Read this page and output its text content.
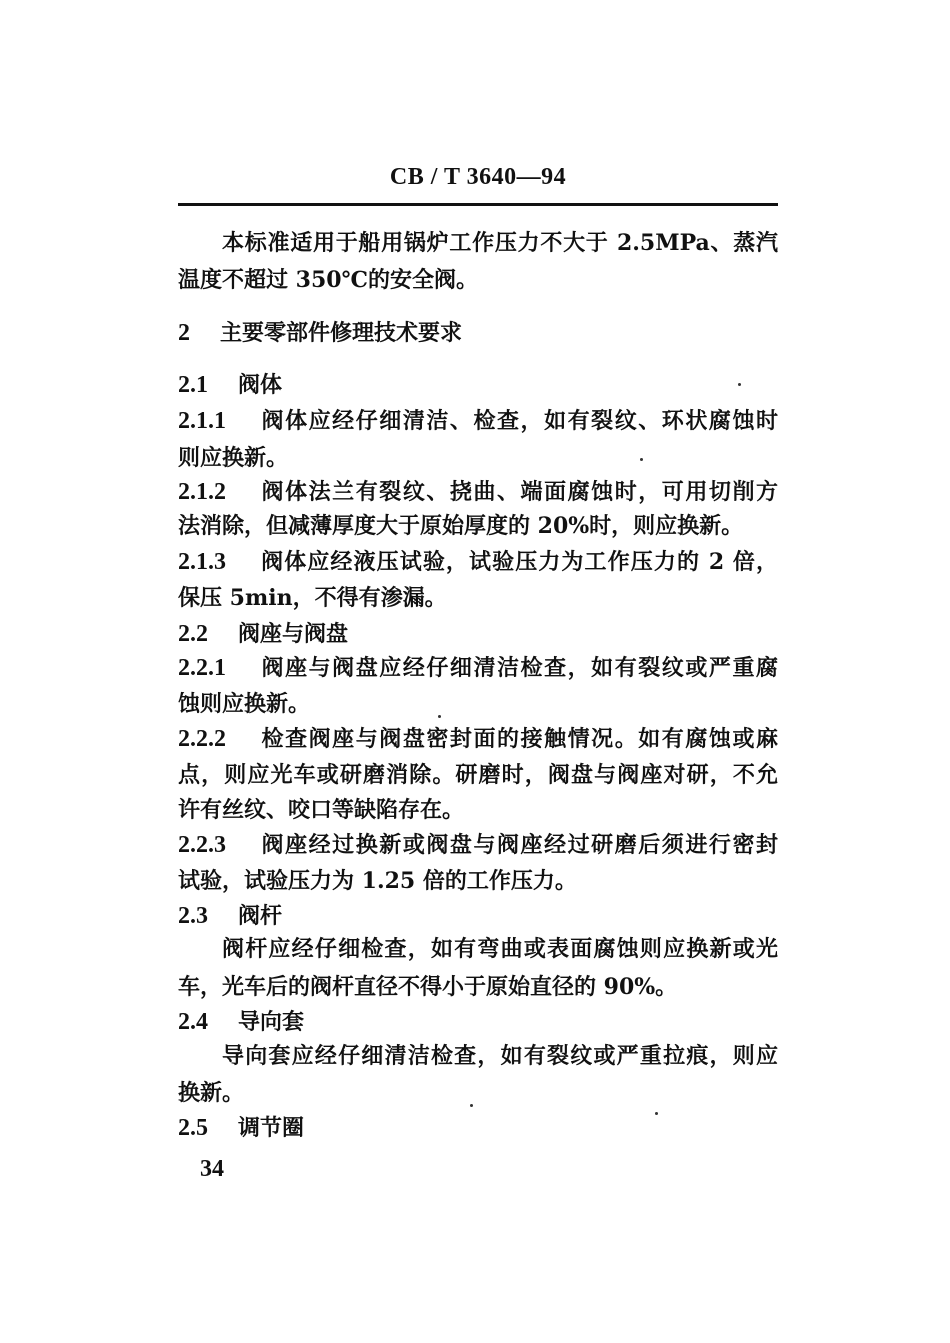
CB / T 3640—94
本标准适用于船用锅炉工作压力不大于 2.5MPa、蒸汽
温度不超过 350℃的安全阀。
2 主要零部件修理技术要求
2.1 阀体
2.1.1 阀体应经仔细清洁、检查，如有裂纹、环状腐蚀时
则应换新。
2.1.2 阀体法兰有裂纹、挠曲、端面腐蚀时，可用切削方
法消除，但减薄厚度大于原始厚度的 20%时，则应换新。
2.1.3 阀体应经液压试验，试验压力为工作压力的 2 倍，
保压 5min，不得有渗漏。
2.2 阀座与阀盘
2.2.1 阀座与阀盘应经仔细清洁检查，如有裂纹或严重腐
蚀则应换新。
2.2.2 检查阀座与阀盘密封面的接触情况。如有腐蚀或麻
点，则应光车或研磨消除。研磨时，阀盘与阀座对研，不允
许有丝纹、咬口等缺陷存在。
2.2.3 阀座经过换新或阀盘与阀座经过研磨后须进行密封
试验，试验压力为 1.25 倍的工作压力。
2.3 阀杆
阀杆应经仔细检查，如有弯曲或表面腐蚀则应换新或光
车，光车后的阀杆直径不得小于原始直径的 90%。
2.4 导向套
导向套应经仔细清洁检查，如有裂纹或严重拉痕，则应
换新。
2.5 调节圈
34
